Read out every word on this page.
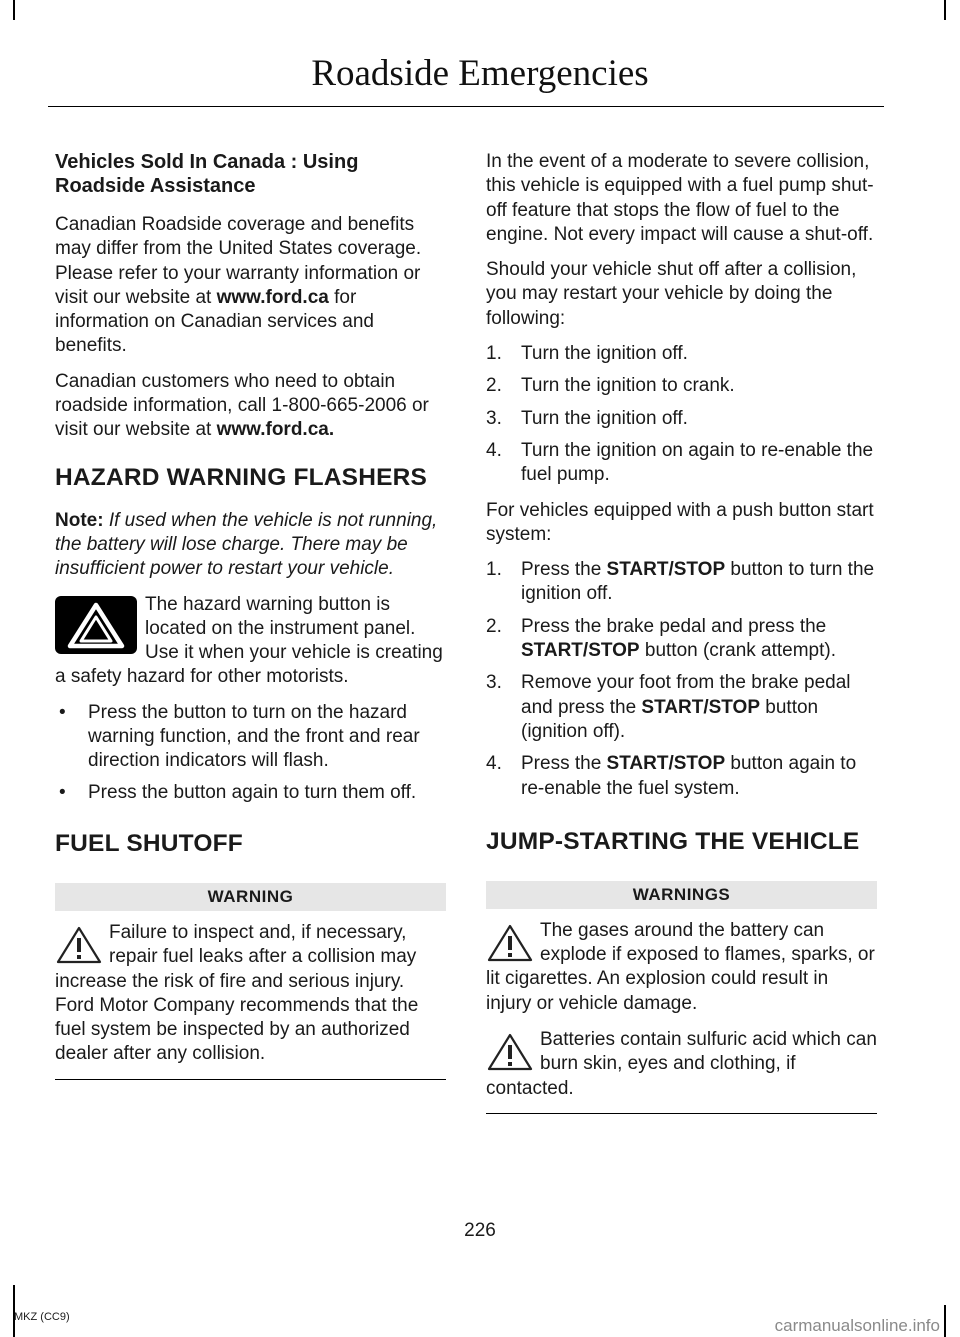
Roadside Emergencies
Vehicles Sold In Canada : Using Roadside Assistance

Canadian Roadside coverage and benefits may differ from the United States coverage. Please refer to your warranty information or visit our website at www.ford.ca for information on Canadian services and benefits.

Canadian customers who need to obtain roadside information, call 1-800-665-2006 or visit our website at www.ford.ca.

HAZARD WARNING FLASHERS

Note: If used when the vehicle is not running, the battery will lose charge. There may be insufficient power to restart your vehicle.

The hazard warning button is located on the instrument panel. Use it when your vehicle is creating a safety hazard for other motorists.

• Press the button to turn on the hazard warning function, and the front and rear direction indicators will flash.
• Press the button again to turn them off.
FUEL SHUTOFF
WARNING

Failure to inspect and, if necessary, repair fuel leaks after a collision may increase the risk of fire and serious injury. Ford Motor Company recommends that the fuel system be inspected by an authorized dealer after any collision.

In the event of a moderate to severe collision, this vehicle is equipped with a fuel pump shut-off feature that stops the flow of fuel to the engine. Not every impact will cause a shut-off.

Should your vehicle shut off after a collision, you may restart your vehicle by doing the following:

1. Turn the ignition off.
2. Turn the ignition to crank.
3. Turn the ignition off.
4. Turn the ignition on again to re-enable the fuel pump.

For vehicles equipped with a push button start system:

1. Press the START/STOP button to turn the ignition off.
2. Press the brake pedal and press the START/STOP button (crank attempt).
3. Remove your foot from the brake pedal and press the START/STOP button (ignition off).
4. Press the START/STOP button again to re-enable the fuel system.
JUMP-STARTING THE VEHICLE
WARNINGS

The gases around the battery can explode if exposed to flames, sparks, or lit cigarettes. An explosion could result in injury or vehicle damage.

Batteries contain sulfuric acid which can burn skin, eyes and clothing, if contacted.

226
MKZ (CC9)	carmanualsonline.info
